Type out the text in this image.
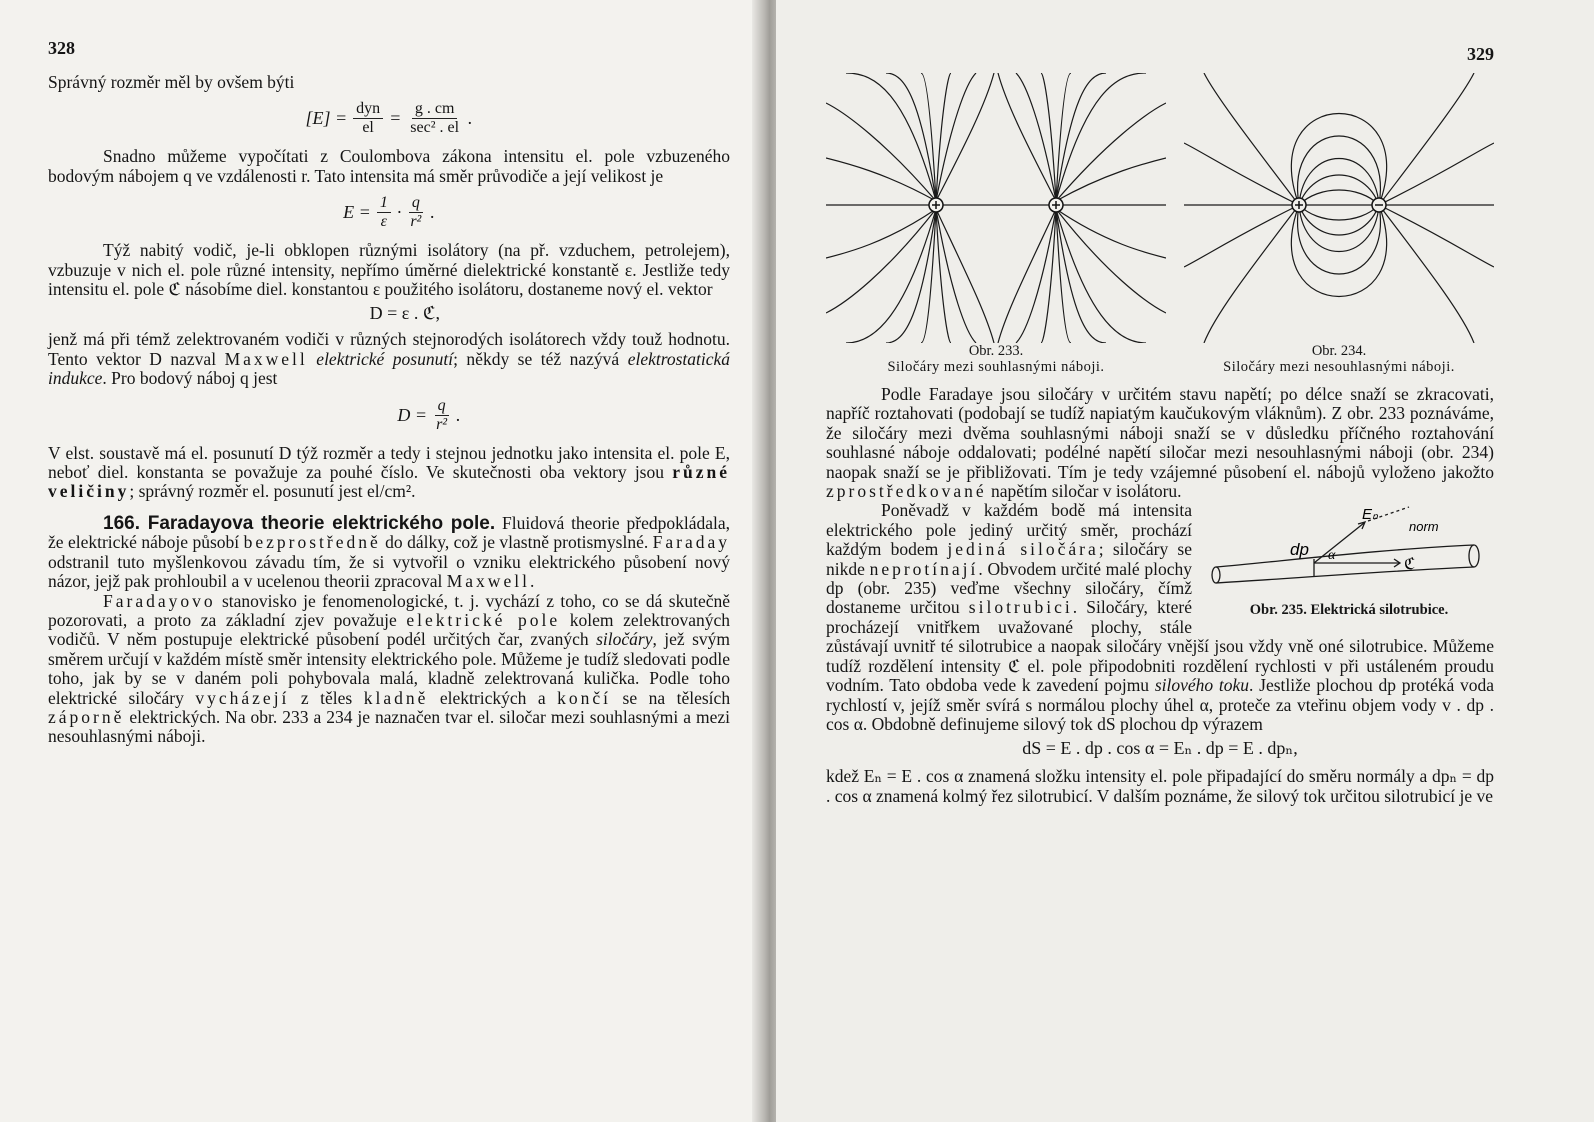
328

Správný rozměr měl by ovšem býti

$[E] = \frac{\text{dyn}}{el} = \frac{g . cm}{\text{sec² . el}}$ .

Snadno můžeme vypočítati z Coulombova zákona intensitu el. pole vzbuzeného bodovým nábojem q ve vzdálenosti r. Tato intensita má směr průvodiče a její velikost je

$E = \frac{1}{\varepsilon} \cdot \frac{q}{\text{r²}}$ .

Týž nabitý vodič, je-li obklopen různými isolátory (na př. vzduchem, petrolejem), vzbuzuje v nich el. pole různé intensity, nepřímo úměrné dielektrické konstantě ε. Jestliže tedy intensitu el. pole ℭ násobíme diel. konstantou ε použitého isolátoru, dostaneme nový el. vektor

D = ε . ℭ,

jenž má při témž zelektrovaném vodiči v různých stejnorodých isolátorech vždy touž hodnotu. Tento vektor D nazval Maxwell elektrické posunutí; někdy se též nazývá elektrostatická indukce. Pro bodový náboj q jest

$D = \frac{q}{\text{r²}}$ .

V elst. soustavě má el. posunutí D týž rozměr a tedy i stejnou jednotku jako intensita el. pole E, neboť diel. konstanta se považuje za pouhé číslo. Ve skutečnosti oba vektory jsou různé veličiny; správný rozměr el. posunutí jest el/cm².

166. Faradayova theorie elektrického pole. Fluidová theorie předpokládala, že elektrické náboje působí bezprostředně do dálky, což je vlastně protismyslné. Faraday odstranil tuto myšlenkovou závadu tím, že si vytvořil o vzniku elektrického působení nový názor, jejž pak prohloubil a v ucelenou theorii zpracoval Maxwell.

Faradayovo stanovisko je fenomenologické, t. j. vychází z toho, co se dá skutečně pozorovati, a proto za základní zjev považuje elektrické pole kolem zelektrovaných vodičů. V něm postupuje elektrické působení podél určitých čar, zvaných siločáry, jež svým směrem určují v každém místě směr intensity elektrického pole. Můžeme je tudíž sledovati podle toho, jak by se v daném poli pohybovala malá, kladně zelektrovaná kulička. Podle toho elektrické siločáry vycházejí z těles kladně elektrických a končí se na tělesích záporně elektrických. Na obr. 233 a 234 je naznačen tvar el. siločar mezi souhlasnými a mezi nesouhlasnými náboji.

329
Obr. 233.
Siločáry mezi souhlasnými náboji.
Obr. 234.
Siločáry mezi nesouhlasnými náboji.

Podle Faradaye jsou siločáry v určitém stavu napětí; po délce snaží se zkracovati, napříč roztahovati (podobají se tudíž napiatým kaučukovým vláknům). Z obr. 233 poznáváme, že siločáry mezi dvěma souhlasnými náboji snaží se v důsledku příčného roztahování souhlasné náboje oddalovati; podélné napětí siločar mezi nesouhlasnými náboji (obr. 234) naopak snaží se je přibližovati. Tím je tedy vzájemné působení el. nábojů vyloženo jakožto zprostředkované napětím siločar v isolátoru.

norm
Eₙ
dp α
ℭ
Obr. 235. Elektrická silotrubice.

Poněvadž v každém bodě má intensita elektrického pole jediný určitý směr, prochází každým bodem jediná siločára; siločáry se nikde neprotínají. Obvodem určité malé plochy dp (obr. 235) veďme všechny siločáry, čímž dostaneme určitou silotrubici. Siločáry, které procházejí vnitřkem uvažované plochy, stále zůstávají uvnitř té silotrubice a naopak siločáry vnější jsou vždy vně oné silotrubice. Můžeme tudíž rozdělení intensity ℭ el. pole připodobniti rozdělení rychlosti v při ustáleném proudu vodním. Tato obdoba vede k zavedení pojmu silového toku. Jestliže plochou dp protéká voda rychlostí v, jejíž směr svírá s normálou plochy úhel α, proteče za vteřinu objem vody v . dp . cos α. Obdobně definujeme silový tok dS plochou dp výrazem

dS = E . dp . cos α = Eₙ . dp = E . dpₙ,

kdež Eₙ = E . cos α znamená složku intensity el. pole připadající do směru normály a dpₙ = dp . cos α znamená kolmý řez silotrubicí. V dalším poznáme, že silový tok určitou silotrubicí je ve
